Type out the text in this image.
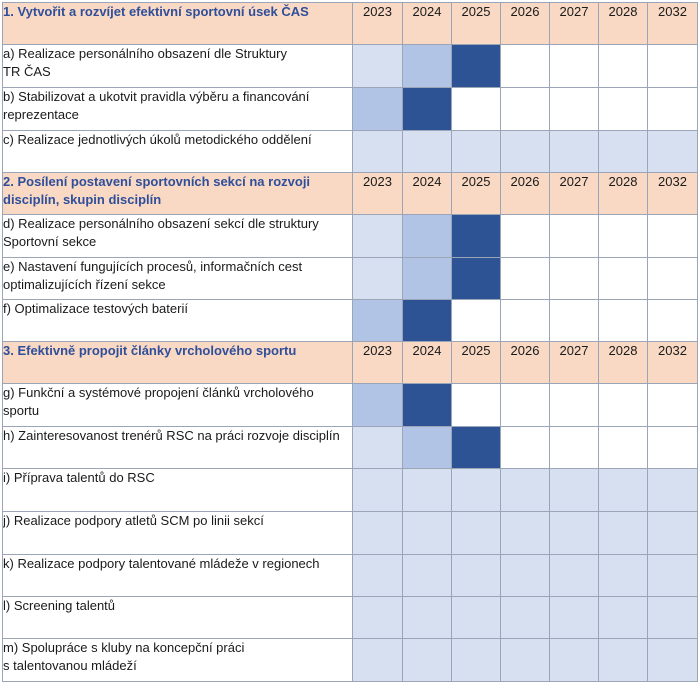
1. Vytvořit a rozvíjet efektivní sportovní úsek ČAS	2023	2024	2025	2026	2027	2028	2032
a) Realizace personálního obsazení dle Struktury
TR ČAS							
b) Stabilizovat a ukotvit pravidla výběru a financování reprezentace							
c) Realizace jednotlivých úkolů metodického oddělení							
2. Posílení postavení sportovních sekcí na rozvoji disciplín, skupin disciplín	2023	2024	2025	2026	2027	2028	2032
d) Realizace personálního obsazení sekcí dle struktury Sportovní sekce							
e) Nastavení fungujících procesů, informačních cest optimalizujících řízení sekce							
f) Optimalizace testových baterií							
3. Efektivně propojit články vrcholového sportu	2023	2024	2025	2026	2027	2028	2032
g) Funkční a systémové propojení článků vrcholového sportu							
h) Zainteresovanost trenérů RSC na práci rozvoje disciplín							
i) Příprava talentů do RSC							
j) Realizace podpory atletů SCM po linii sekcí							
k) Realizace podpory talentované mládeže v regionech							
l) Screening talentů							
m) Spolupráce s kluby na koncepční práci
s talentovanou mládeží							
